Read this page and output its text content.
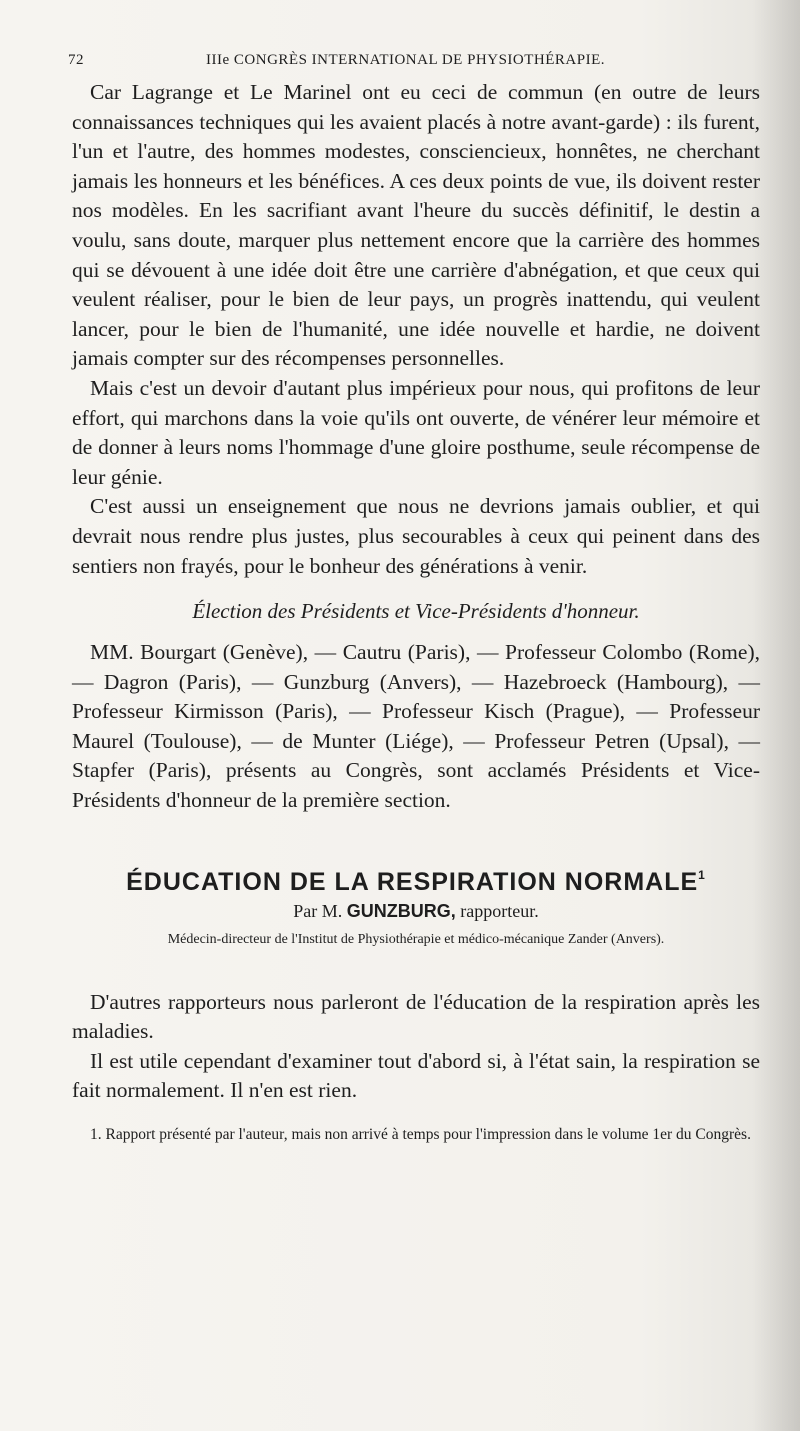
72	IIIe CONGRÈS INTERNATIONAL DE PHYSIOTHÉRAPIE.

Car Lagrange et Le Marinel ont eu ceci de commun (en outre de leurs connaissances techniques qui les avaient placés à notre avant-garde) : ils furent, l'un et l'autre, des hommes modestes, consciencieux, honnêtes, ne cherchant jamais les honneurs et les bénéfices. A ces deux points de vue, ils doivent rester nos modèles. En les sacrifiant avant l'heure du succès définitif, le destin a voulu, sans doute, marquer plus nettement encore que la carrière des hommes qui se dévouent à une idée doit être une carrière d'abnégation, et que ceux qui veulent réaliser, pour le bien de leur pays, un progrès inattendu, qui veulent lancer, pour le bien de l'humanité, une idée nouvelle et hardie, ne doivent jamais compter sur des récompenses personnelles.

Mais c'est un devoir d'autant plus impérieux pour nous, qui profitons de leur effort, qui marchons dans la voie qu'ils ont ouverte, de vénérer leur mémoire et de donner à leurs noms l'hommage d'une gloire posthume, seule récompense de leur génie.

C'est aussi un enseignement que nous ne devrions jamais oublier, et qui devrait nous rendre plus justes, plus secourables à ceux qui peinent dans des sentiers non frayés, pour le bonheur des générations à venir.

Élection des Présidents et Vice-Présidents d'honneur.

MM. Bourgart (Genève), — Cautru (Paris), — Professeur Colombo (Rome), — Dagron (Paris), — Gunzburg (Anvers), — Hazebroeck (Hambourg), — Professeur Kirmisson (Paris), — Professeur Kisch (Prague), — Professeur Maurel (Toulouse), — de Munter (Liége), — Professeur Petren (Upsal), — Stapfer (Paris), présents au Congrès, sont acclamés Présidents et Vice-Présidents d'honneur de la première section.

ÉDUCATION DE LA RESPIRATION NORMALE$^1$
Par M. GUNZBURG, rapporteur.
Médecin-directeur de l'Institut de Physiothérapie et médico-mécanique Zander (Anvers).

D'autres rapporteurs nous parleront de l'éducation de la respiration après les maladies.

Il est utile cependant d'examiner tout d'abord si, à l'état sain, la respiration se fait normalement. Il n'en est rien.

1. Rapport présenté par l'auteur, mais non arrivé à temps pour l'impression dans le volume 1er du Congrès.
